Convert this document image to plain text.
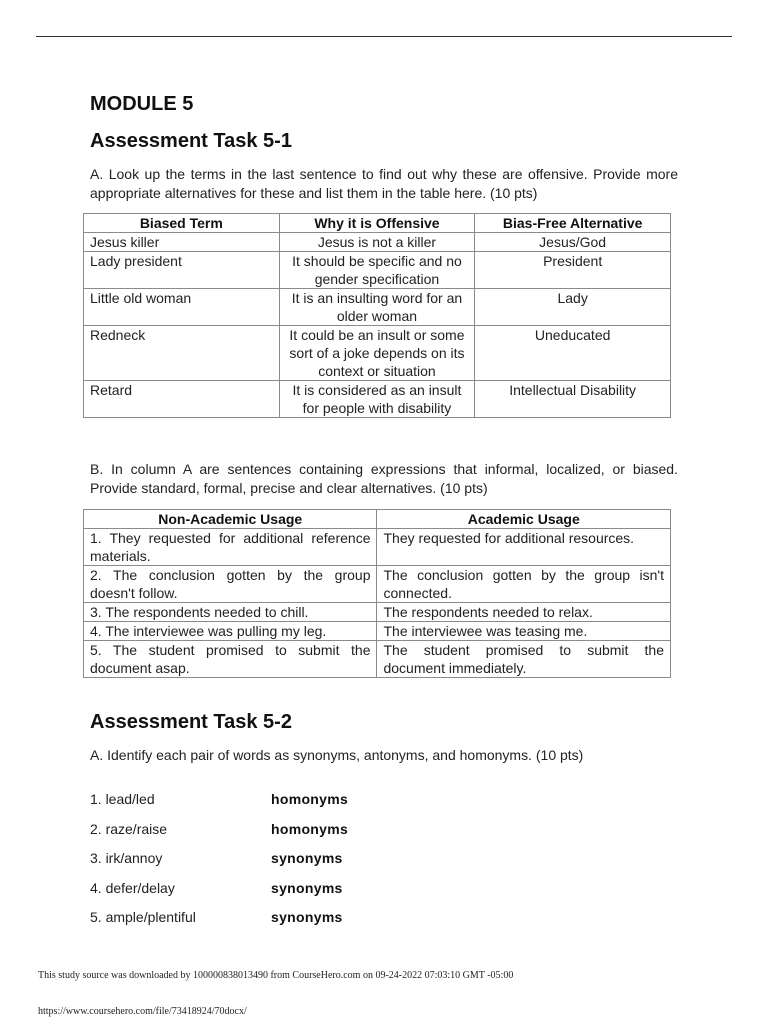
MODULE 5
Assessment Task 5-1

A. Look up the terms in the last sentence to find out why these are offensive. Provide more appropriate alternatives for these and list them in the table here. (10 pts)

Biased Term	Why it is Offensive	Bias-Free Alternative
Jesus killer	Jesus is not a killer	Jesus/God
Lady president	It should be specific and no gender specification	President
Little old woman	It is an insulting word for an older woman	Lady
Redneck	It could be an insult or some sort of a joke depends on its context or situation	Uneducated
Retard	It is considered as an insult for people with disability	Intellectual Disability

B. In column A are sentences containing expressions that informal, localized, or biased. Provide standard, formal, precise and clear alternatives. (10 pts)

Non-Academic Usage	Academic Usage
1. They requested for additional reference materials.	They requested for additional resources.
2. The conclusion gotten by the group doesn't follow.	The conclusion gotten by the group isn't connected.
3. The respondents needed to chill.	The respondents needed to relax.
4. The interviewee was pulling my leg.	The interviewee was teasing me.
5. The student promised to submit the document asap.	The student promised to submit the document immediately.
Assessment Task 5-2

A. Identify each pair of words as synonyms, antonyms, and homonyms. (10 pts)

1. lead/led	homonyms
2. raze/raise	homonyms
3. irk/annoy	synonyms
4. defer/delay	synonyms
5. ample/plentiful	synonyms
This study source was downloaded by 100000838013490 from CourseHero.com on 09-24-2022 07:03:10 GMT -05:00
https://www.coursehero.com/file/73418924/70docx/
